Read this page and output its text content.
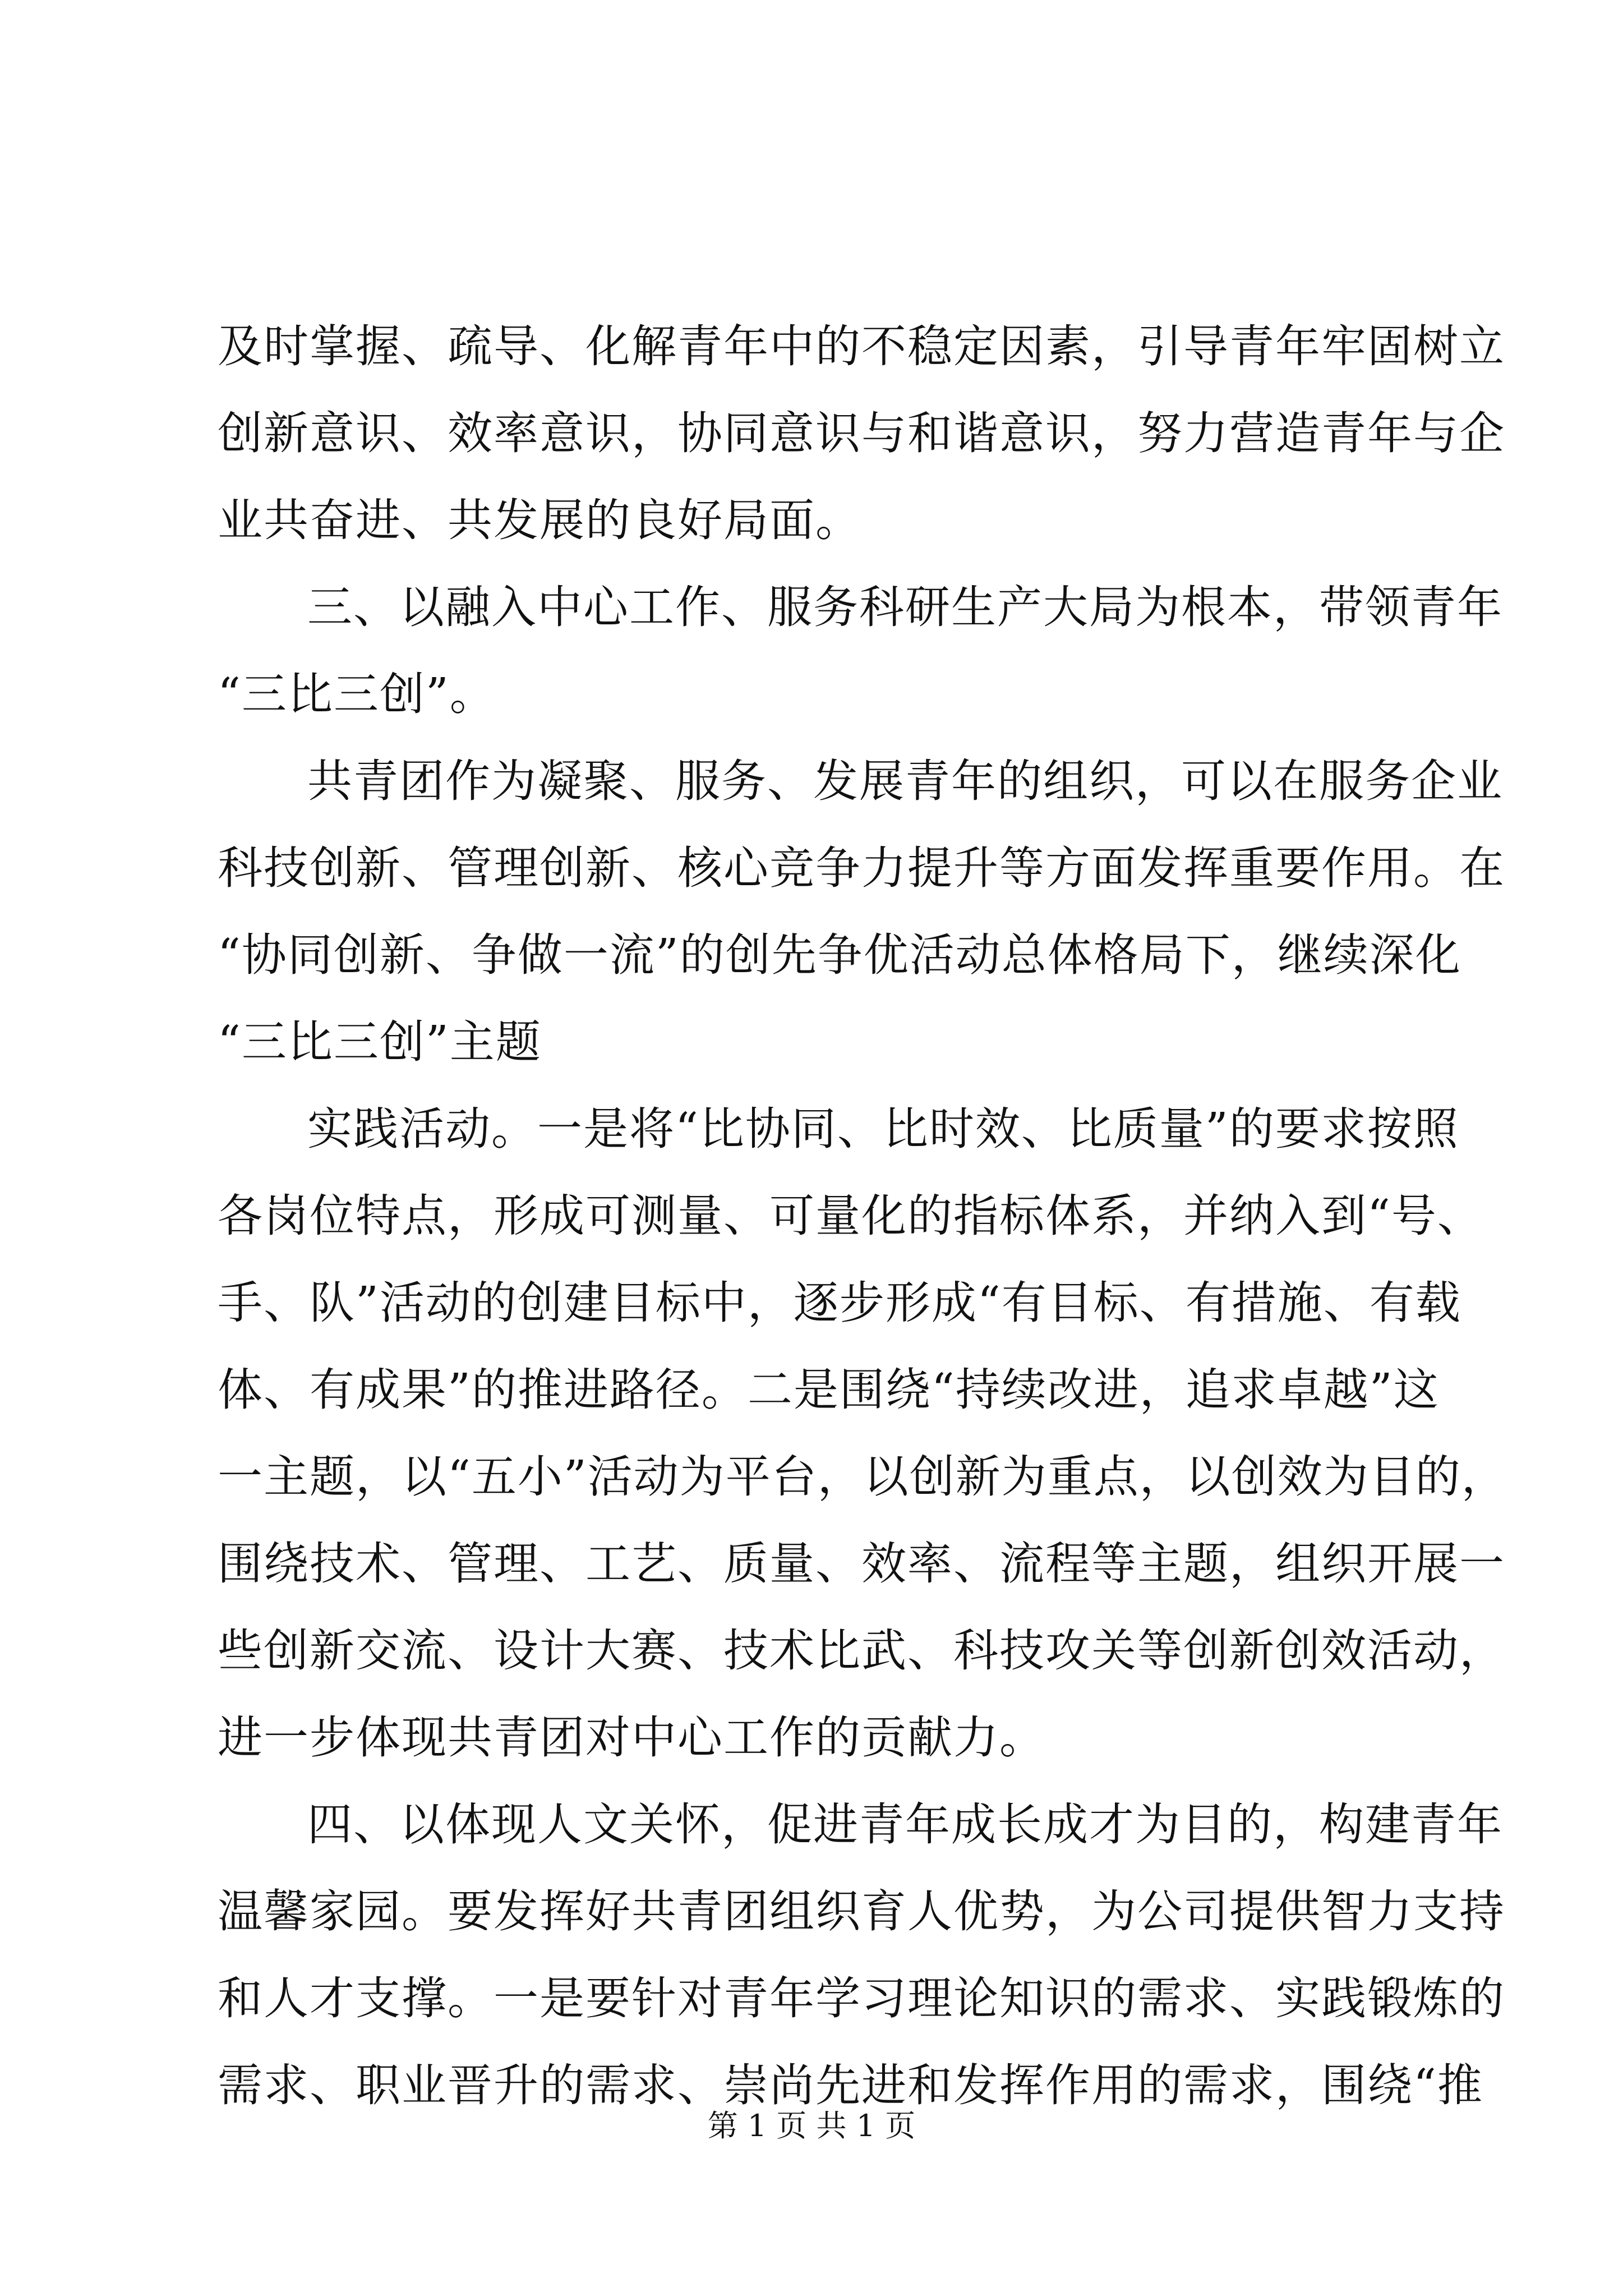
及时掌握、疏导、化解青年中的不稳定因素，引导青年牢固树立
创新意识、效率意识，协同意识与和谐意识，努力营造青年与企
业共奋进、共发展的良好局面。
三、以融入中心工作、服务科研生产大局为根本，带领青年
“三比三创”。
共青团作为凝聚、服务、发展青年的组织，可以在服务企业
科技创新、管理创新、核心竞争力提升等方面发挥重要作用。在
“协同创新、争做一流”的创先争优活动总体格局下，继续深化
“三比三创”主题
实践活动。一是将“比协同、比时效、比质量”的要求按照
各岗位特点，形成可测量、可量化的指标体系，并纳入到“号、
手、队”活动的创建目标中，逐步形成“有目标、有措施、有载
体、有成果”的推进路径。二是围绕“持续改进，追求卓越”这
一主题，以“五小”活动为平台，以创新为重点，以创效为目的，
围绕技术、管理、工艺、质量、效率、流程等主题，组织开展一
些创新交流、设计大赛、技术比武、科技攻关等创新创效活动，
进一步体现共青团对中心工作的贡献力。
四、以体现人文关怀，促进青年成长成才为目的，构建青年
温馨家园。要发挥好共青团组织育人优势，为公司提供智力支持
和人才支撑。一是要针对青年学习理论知识的需求、实践锻炼的
需求、职业晋升的需求、崇尚先进和发挥作用的需求，围绕“推
第 1 页 共 1 页
